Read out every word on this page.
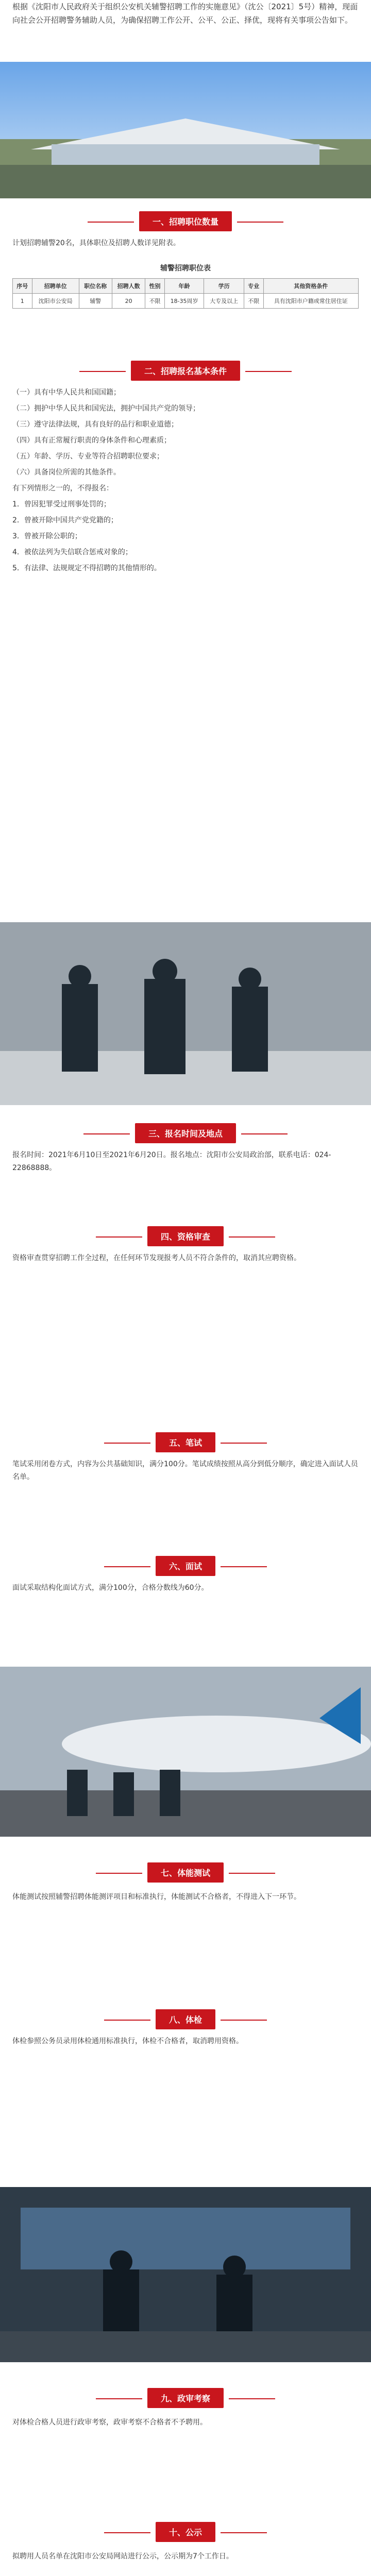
根据《沈阳市人民政府关于组织公安机关辅警招聘工作的实施意见》（沈公〔2021〕5号）精神，现面向社会公开招聘警务辅助人员，为确保招聘工作公开、公平、公正、择优，现将有关事项公告如下。

一、招聘职位数量

计划招聘辅警20名，具体职位及招聘人数详见附表。

辅警招聘职位表
序号	招聘单位	职位名称	招聘人数	性别	年龄	学历	专业	其他资格条件
1	沈阳市公安局	辅警	20	不限	18-35周岁	大专及以上	不限	具有沈阳市户籍或常住居住证
二、招聘报名基本条件

（一）具有中华人民共和国国籍；

（二）拥护中华人民共和国宪法，拥护中国共产党的领导；

（三）遵守法律法规，具有良好的品行和职业道德；

（四）具有正常履行职责的身体条件和心理素质；

（五）年龄、学历、专业等符合招聘职位要求；

（六）具备岗位所需的其他条件。

有下列情形之一的，不得报名：

1．曾因犯罪受过刑事处罚的；

2．曾被开除中国共产党党籍的；

3．曾被开除公职的；

4．被依法列为失信联合惩戒对象的；

5．有法律、法规规定不得招聘的其他情形的。

三、报名时间及地点

报名时间：2021年6月10日至2021年6月20日。报名地点：沈阳市公安局政治部，联系电话：024-22868888。

四、资格审查

资格审查贯穿招聘工作全过程，在任何环节发现报考人员不符合条件的，取消其应聘资格。

五、笔试

笔试采用闭卷方式，内容为公共基础知识，满分100分。笔试成绩按照从高分到低分顺序，确定进入面试人员名单。

六、面试

面试采取结构化面试方式，满分100分，合格分数线为60分。

七、体能测试

体能测试按照辅警招聘体能测评项目和标准执行，体能测试不合格者，不得进入下一环节。

八、体检

体检参照公务员录用体检通用标准执行，体检不合格者，取消聘用资格。

九、政审考察

对体检合格人员进行政审考察，政审考察不合格者不予聘用。

十、公示

拟聘用人员名单在沈阳市公安局网站进行公示，公示期为7个工作日。
